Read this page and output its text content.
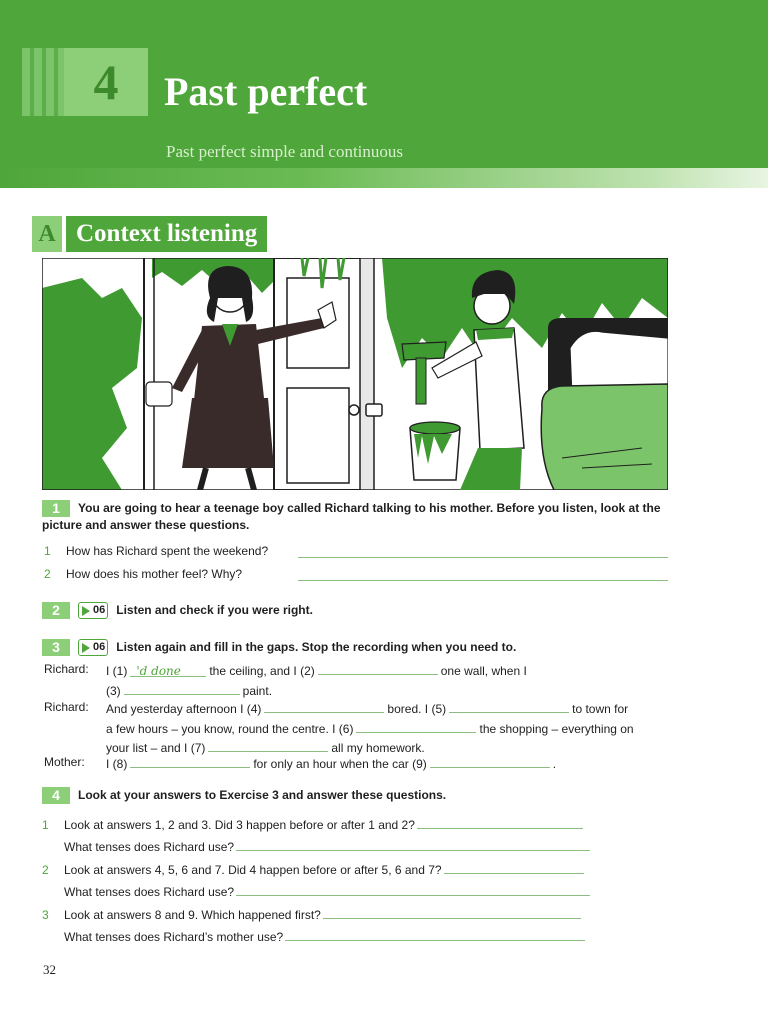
4	Past perfect
Past perfect simple and continuous
A Context listening
1 You are going to hear a teenage boy called Richard talking to his mother. Before you listen, look at the
picture and answer these questions.
1 How has Richard spent the weekend?
2 How does his mother feel? Why?
2	06 Listen and check if you were right.
3	06 Listen again and fill in the gaps. Stop the recording when you need to.
Richard: I (1) 'd done the ceiling, and I (2)	one wall, when I
(3)	paint.
Richard: And yesterday afternoon I (4)	bored. I (5)	to town for
a few hours – you know, round the centre. I (6)	the shopping – everything on
your list – and I (7)	all my homework.
Mother: I (8)	for only an hour when the car (9)	.
4 Look at your answers to Exercise 3 and answer these questions.
1 Look at answers 1, 2 and 3. Did 3 happen before or after 1 and 2?
What tenses does Richard use?
2 Look at answers 4, 5, 6 and 7. Did 4 happen before or after 5, 6 and 7?
What tenses does Richard use?
3 Look at answers 8 and 9. Which happened first?
What tenses does Richard’s mother use?
32
